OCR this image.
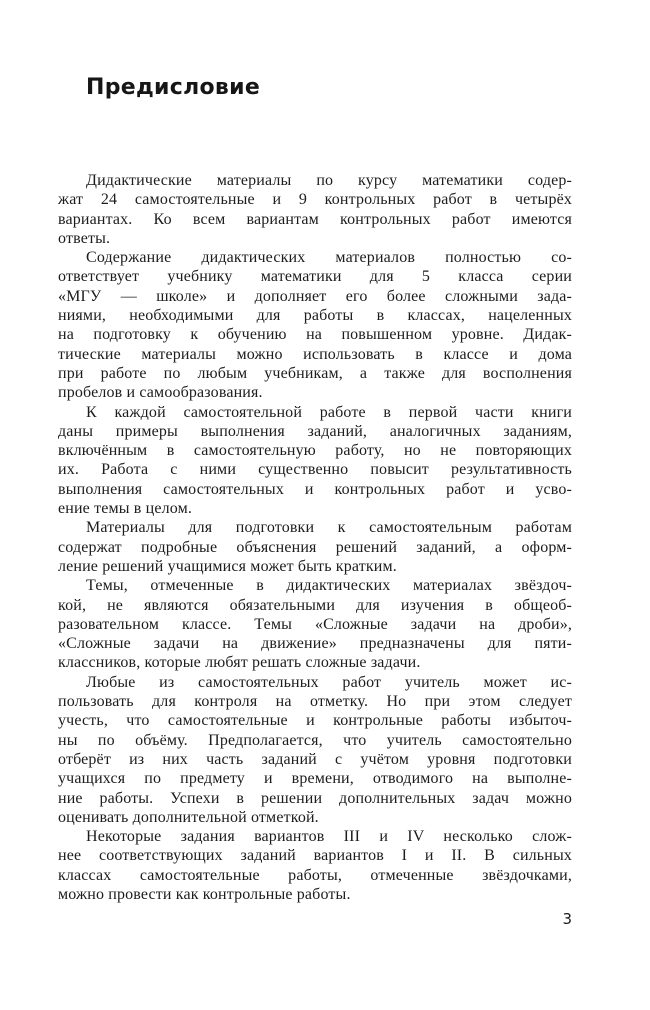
Предисловие
Дидактические материалы по курсу математики содер-
жат 24 самостоятельные и 9 контрольных работ в четырёх
вариантах. Ко всем вариантам контрольных работ имеются
ответы.
Содержание дидактических материалов полностью со-
ответствует учебнику математики для 5 класса серии
«МГУ — школе» и дополняет его более сложными зада-
ниями, необходимыми для работы в классах, нацеленных
на подготовку к обучению на повышенном уровне. Дидак-
тические материалы можно использовать в классе и дома
при работе по любым учебникам, а также для восполнения
пробелов и самообразования.
К каждой самостоятельной работе в первой части книги
даны примеры выполнения заданий, аналогичных заданиям,
включённым в самостоятельную работу, но не повторяющих
их. Работа с ними существенно повысит результативность
выполнения самостоятельных и контрольных работ и усво-
ение темы в целом.
Материалы для подготовки к самостоятельным работам
содержат подробные объяснения решений заданий, а оформ-
ление решений учащимися может быть кратким.
Темы, отмеченные в дидактических материалах звёздоч-
кой, не являются обязательными для изучения в общеоб-
разовательном классе. Темы «Сложные задачи на дроби»,
«Сложные задачи на движение» предназначены для пяти-
классников, которые любят решать сложные задачи.
Любые из самостоятельных работ учитель может ис-
пользовать для контроля на отметку. Но при этом следует
учесть, что самостоятельные и контрольные работы избыточ-
ны по объёму. Предполагается, что учитель самостоятельно
отберёт из них часть заданий с учётом уровня подготовки
учащихся по предмету и времени, отводимого на выполне-
ние работы. Успехи в решении дополнительных задач можно
оценивать дополнительной отметкой.
Некоторые задания вариантов III и IV несколько слож-
нее соответствующих заданий вариантов I и II. В сильных
классах самостоятельные работы, отмеченные звёздочками,
можно провести как контрольные работы.
3
